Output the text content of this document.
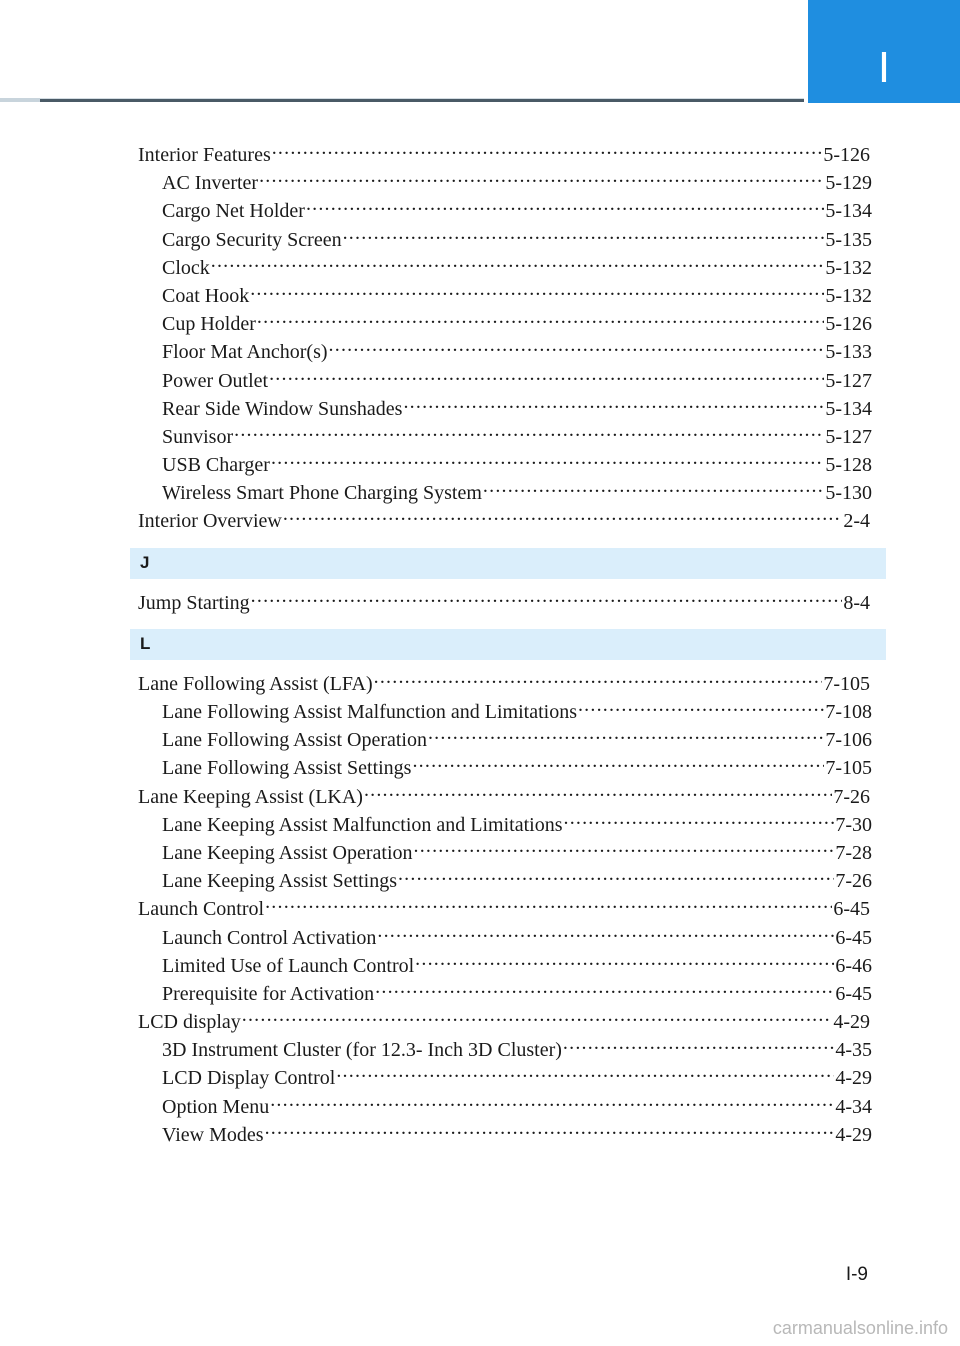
I
Interior Features . . .	5-126
AC Inverter . . .	5-129
Cargo Net Holder . . .	5-134
Cargo Security Screen . . .	5-135
Clock . . .	5-132
Coat Hook . . .	5-132
Cup Holder . . .	5-126
Floor Mat Anchor(s) . . .	5-133
Power Outlet . . .	5-127
Rear Side Window Sunshades . . .	5-134
Sunvisor . . .	5-127
USB Charger . . .	5-128
Wireless Smart Phone Charging System . . .	5-130
Interior Overview . . .	2-4
J
Jump Starting . . .	8-4
L
Lane Following Assist (LFA) . . .	7-105
Lane Following Assist Malfunction and Limitations . . .	7-108
Lane Following Assist Operation . . .	7-106
Lane Following Assist Settings . . .	7-105
Lane Keeping Assist (LKA) . . .	7-26
Lane Keeping Assist Malfunction and Limitations . . .	7-30
Lane Keeping Assist Operation . . .	7-28
Lane Keeping Assist Settings . . .	7-26
Launch Control . . .	6-45
Launch Control Activation . . .	6-45
Limited Use of Launch Control . . .	6-46
Prerequisite for Activation . . .	6-45
LCD display . . .	4-29
3D Instrument Cluster (for 12.3- Inch 3D Cluster) . . .	4-35
LCD Display Control . . .	4-29
Option Menu . . .	4-34
View Modes . . .	4-29
I-9
carmanualsonline.info
